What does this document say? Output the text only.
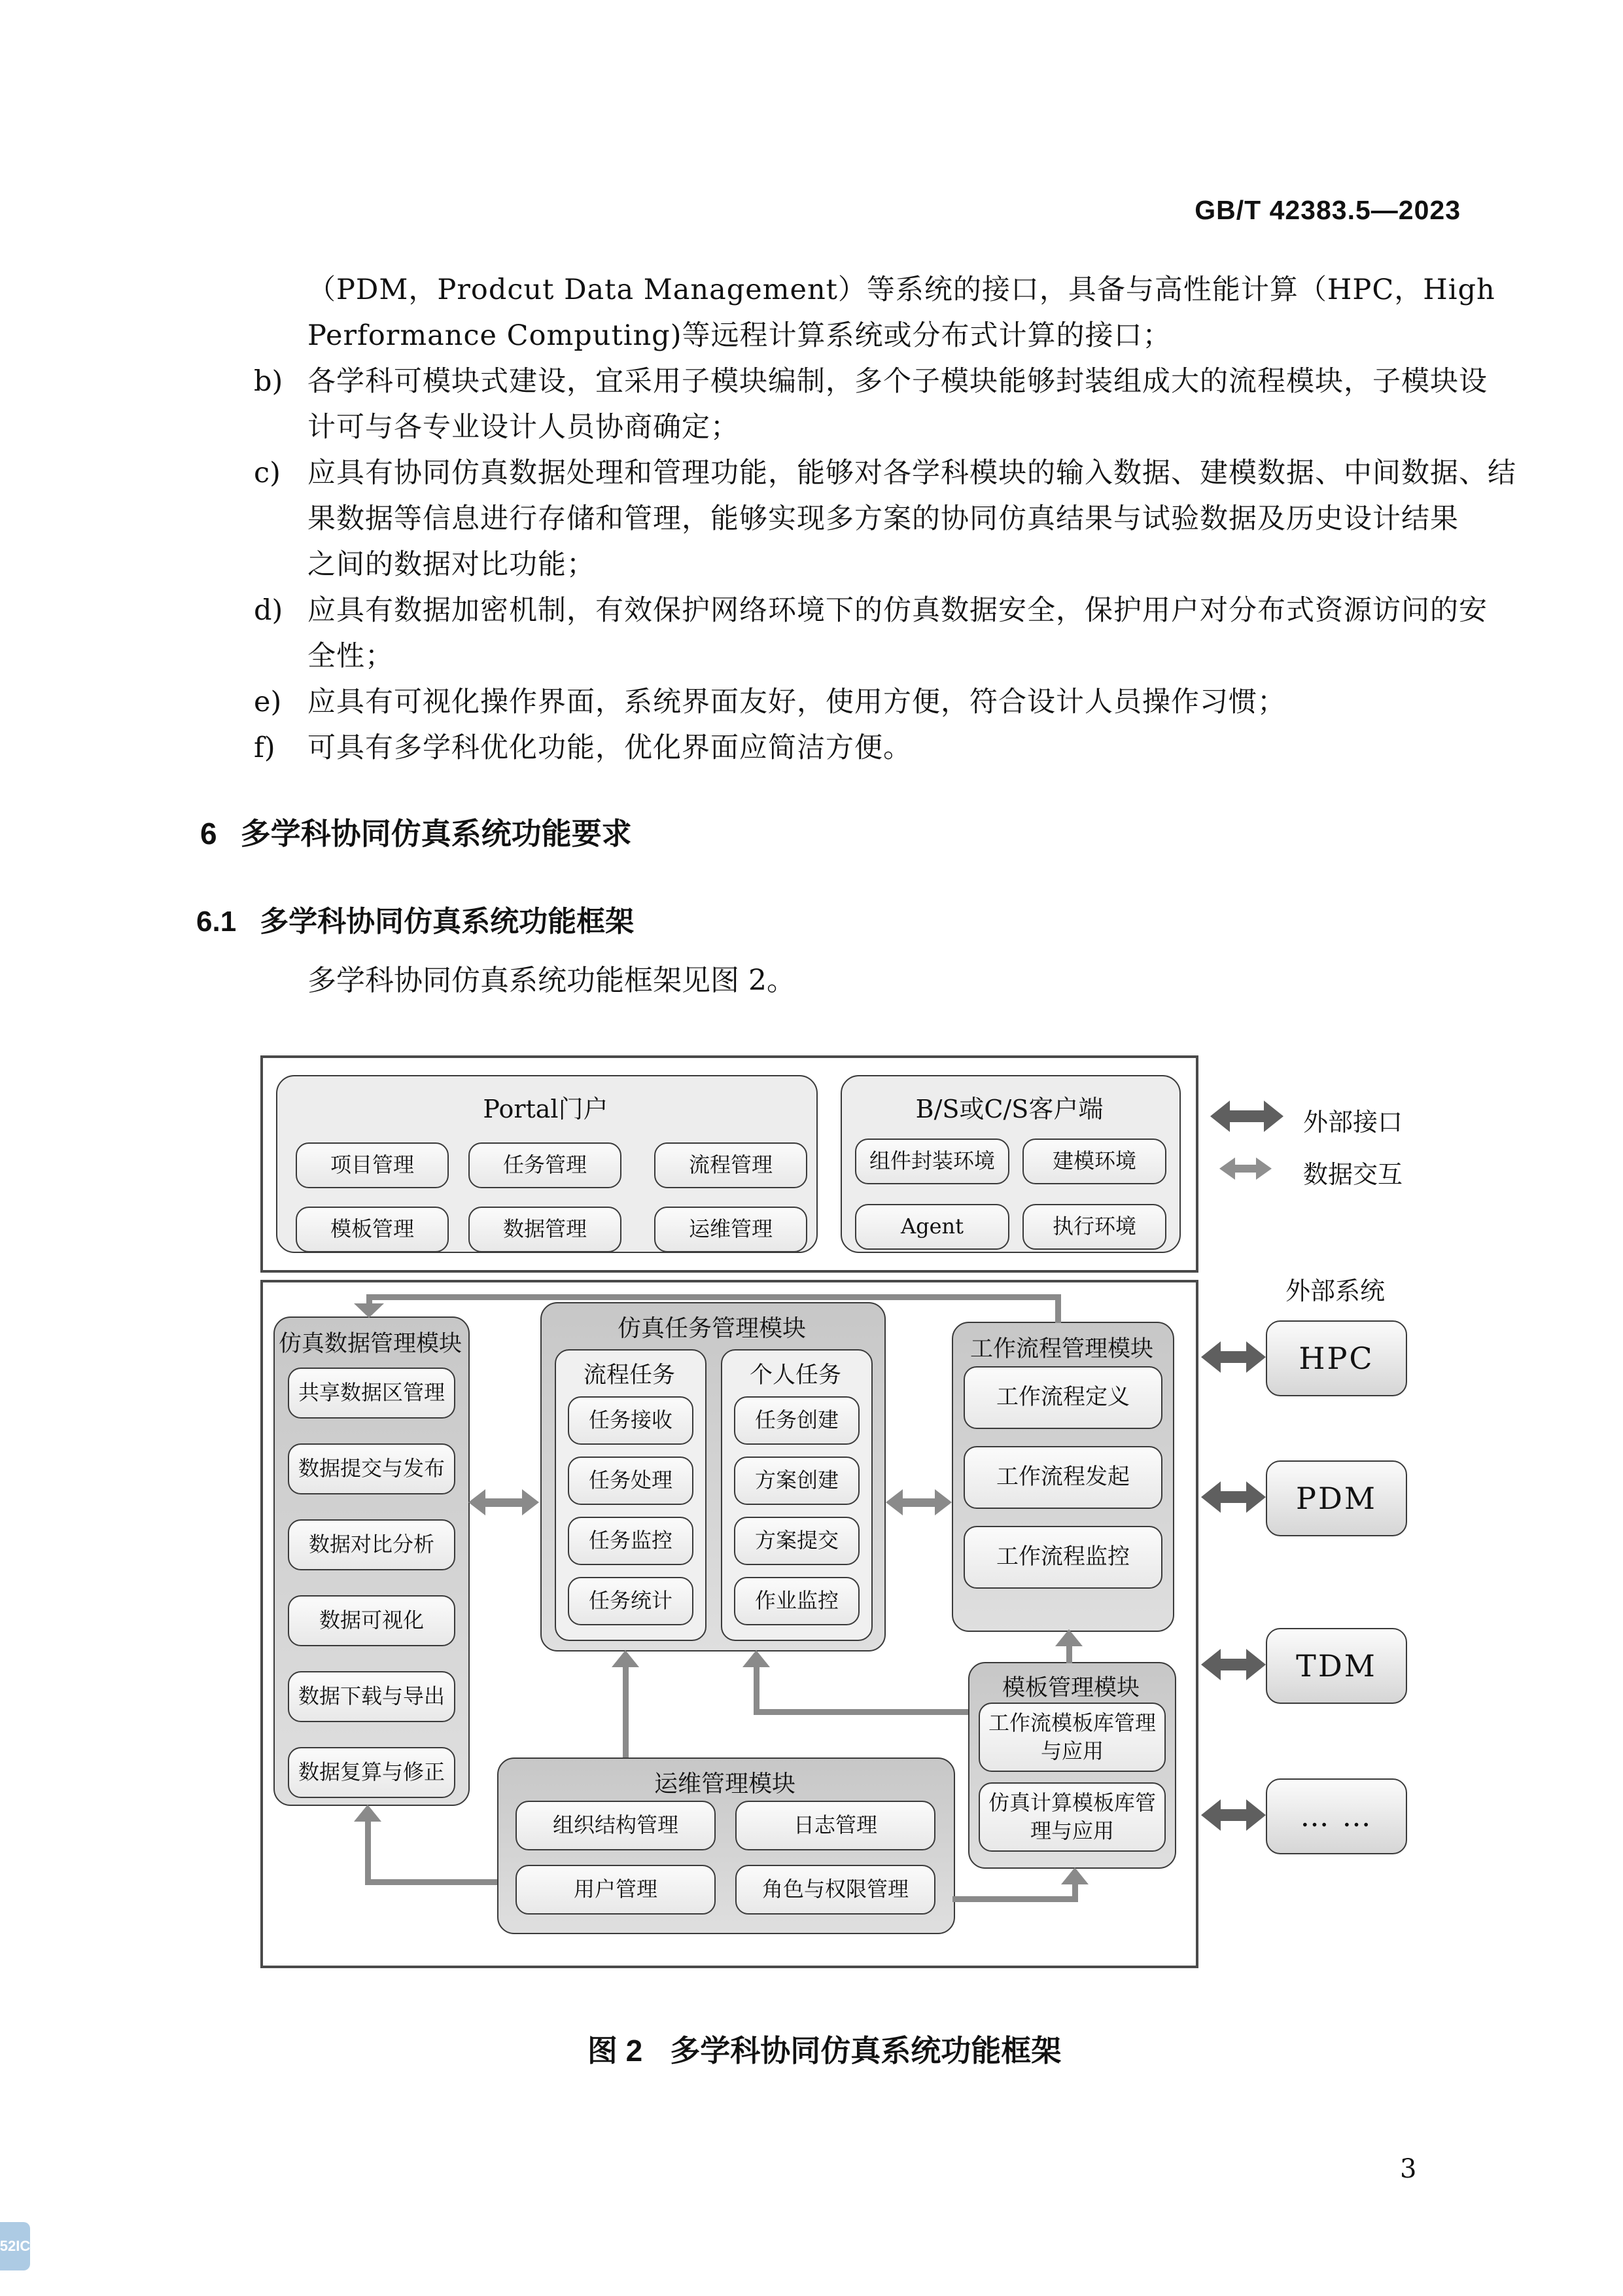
GB/T 42383.5—2023
（PDM，Prodcut Data Management）等系统的接口，具备与高性能计算（HPC，High
Performance Computing)等远程计算系统或分布式计算的接口；
b) 各学科可模块式建设，宜采用子模块编制，多个子模块能够封装组成大的流程模块，子模块设
计可与各专业设计人员协商确定；
c) 应具有协同仿真数据处理和管理功能，能够对各学科模块的输入数据、建模数据、中间数据、结
果数据等信息进行存储和管理，能够实现多方案的协同仿真结果与试验数据及历史设计结果
之间的数据对比功能；
d) 应具有数据加密机制，有效保护网络环境下的仿真数据安全，保护用户对分布式资源访问的安
全性；
e) 应具有可视化操作界面，系统界面友好，使用方便，符合设计人员操作习惯；
f) 可具有多学科优化功能，优化界面应简洁方便。
6 多学科协同仿真系统功能要求
6.1 多学科协同仿真系统功能框架
多学科协同仿真系统功能框架见图 2。
Portal门户
项目管理	任务管理	流程管理
模板管理	数据管理	运维管理
B/S或C/S客户端
组件封装环境	建模环境
Agent	执行环境
外部接口
数据交互
外部系统
仿真数据管理模块
共享数据区管理
数据提交与发布
数据对比分析
数据可视化
数据下载与导出
数据复算与修正
仿真任务管理模块
流程任务
任务接收
任务处理
任务监控
任务统计
个人任务
任务创建
方案创建
方案提交
作业监控
工作流程管理模块
工作流程定义
工作流程发起
工作流程监控
模板管理模块
工作流模板库管理与应用
仿真计算模板库管理与应用
运维管理模块
组织结构管理	日志管理
用户管理	角色与权限管理
HPC
PDM
TDM
… …
图 2 多学科协同仿真系统功能框架
3
52IC
